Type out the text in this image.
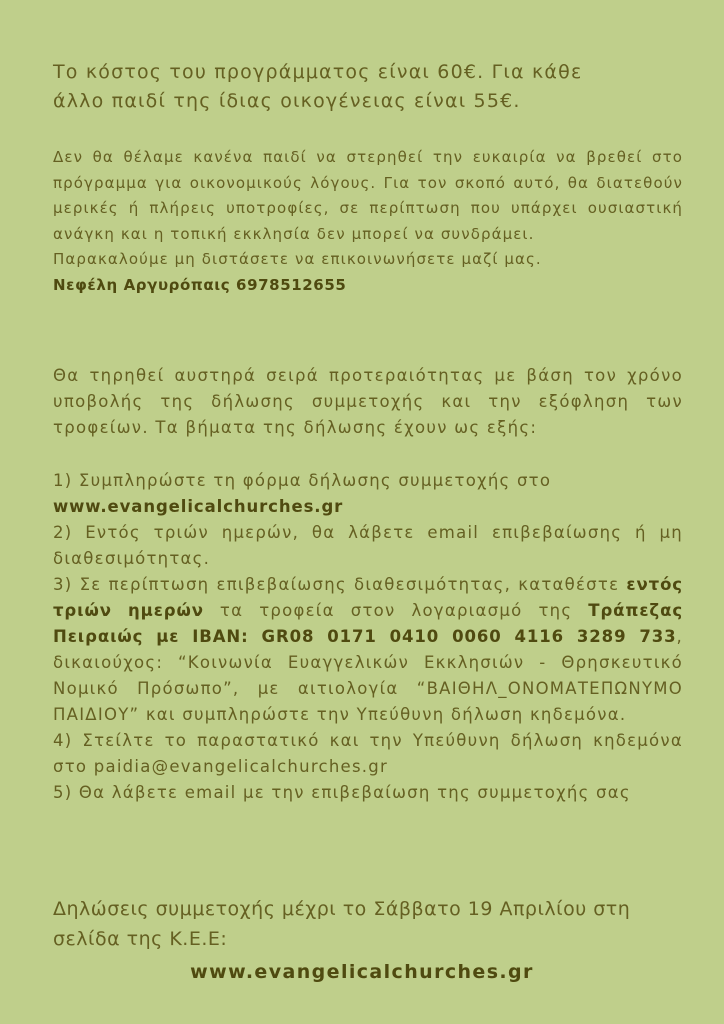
Το κόστος του προγράμματος είναι 60€. Για κάθε

άλλο παιδί της ίδιας οικογένειας είναι 55€.

Δεν θα θέλαμε κανένα παιδί να στερηθεί την ευκαιρία να βρεθεί στο πρόγραμμα για οικονομικούς λόγους. Για τον σκοπό αυτό, θα διατεθούν μερικές ή πλήρεις υποτροφίες, σε περίπτωση που υπάρχει ουσιαστική ανάγκη και η τοπική εκκλησία δεν μπορεί να συνδράμει.

Παρακαλούμε μη διστάσετε να επικοινωνήσετε μαζί μας.

Νεφέλη Αργυρόπαις 6978512655

Θα τηρηθεί αυστηρά σειρά προτεραιότητας με βάση τον χρόνο υποβολής της δήλωσης συμμετοχής και την εξόφληση των τροφείων. Τα βήματα της δήλωσης έχουν ως εξής:

1) Συμπληρώστε τη φόρμα δήλωσης συμμετοχής στο
www.evangelicalchurches.gr

2) Εντός τριών ημερών, θα λάβετε email επιβεβαίωσης ή μη διαθεσιμότητας.

3) Σε περίπτωση επιβεβαίωσης διαθεσιμότητας, καταθέστε εντός τριών ημερών τα τροφεία στον λογαριασμό της Τράπεζας Πειραιώς με IBAN: GR08 0171 0410 0060 4116 3289 733, δικαιούχος: “Κοινωνία Ευαγγελικών Εκκλησιών - Θρησκευτικό Νομικό Πρόσωπο”, με αιτιολογία “ΒΑΙΘΗΛ_ΟΝΟΜΑΤΕΠΩΝΥΜΟ ΠΑΙΔΙΟΥ” και συμπληρώστε την Υπεύθυνη δήλωση κηδεμόνα.

4) Στείλτε το παραστατικό και την Υπεύθυνη δήλωση κηδεμόνα στο paidia@evangelicalchurches.gr

5) Θα λάβετε email με την επιβεβαίωση της συμμετοχής σας

Δηλώσεις συμμετοχής μέχρι το Σάββατο 19 Απριλίου στη σελίδα της Κ.Ε.Ε:

www.evangelicalchurches.gr
